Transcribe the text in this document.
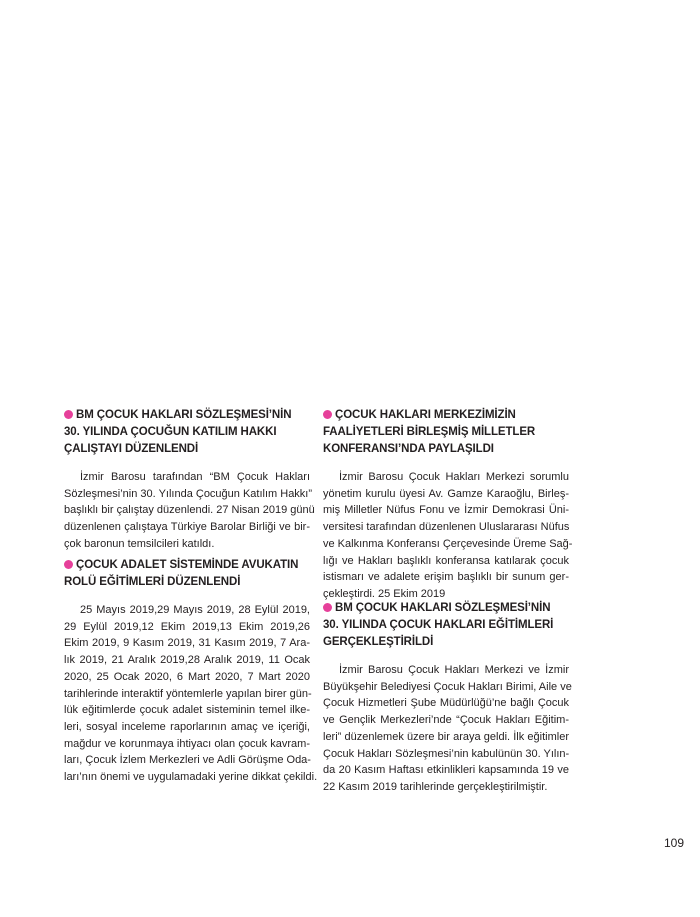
BM ÇOCUK HAKLARI SÖZLEŞMESİ’NİN
30. YILINDA ÇOCUĞUN KATILIM HAKKI
ÇALIŞTAYI DÜZENLENDİ
İzmir Barosu tarafından “BM Çocuk Hakları
Sözleşmesi’nin 30. Yılında Çocuğun Katılım Hakkı”
başlıklı bir çalıştay düzenlendi. 27 Nisan 2019 günü
düzenlenen çalıştaya Türkiye Barolar Birliği ve bir-
çok baronun temsilcileri katıldı.
ÇOCUK ADALET SİSTEMİNDE AVUKATIN
ROLÜ EĞİTİMLERİ DÜZENLENDİ
25 Mayıs 2019,29 Mayıs 2019, 28 Eylül 2019,
29 Eylül 2019,12 Ekim 2019,13 Ekim 2019,26
Ekim 2019, 9 Kasım 2019, 31 Kasım 2019, 7 Ara-
lık 2019, 21 Aralık 2019,28 Aralık 2019, 11 Ocak
2020, 25 Ocak 2020, 6 Mart 2020, 7 Mart 2020
tarihlerinde interaktif yöntemlerle yapılan birer gün-
lük eğitimlerde çocuk adalet sisteminin temel ilke-
leri, sosyal inceleme raporlarının amaç ve içeriği,
mağdur ve korunmaya ihtiyacı olan çocuk kavram-
ları, Çocuk İzlem Merkezleri ve Adli Görüşme Oda-
ları’nın önemi ve uygulamadaki yerine dikkat çekildi.
ÇOCUK HAKLARI MERKEZİMİZİN
FAALİYETLERİ BİRLEŞMİŞ MİLLETLER
KONFERANSI’NDA PAYLAŞILDI
İzmir Barosu Çocuk Hakları Merkezi sorumlu
yönetim kurulu üyesi Av. Gamze Karaoğlu, Birleş-
miş Milletler Nüfus Fonu ve İzmir Demokrasi Üni-
versitesi tarafından düzenlenen Uluslararası Nüfus
ve Kalkınma Konferansı Çerçevesinde Üreme Sağ-
lığı ve Hakları başlıklı konferansa katılarak çocuk
istismarı ve adalete erişim başlıklı bir sunum ger-
çekleştirdi. 25 Ekim 2019
BM ÇOCUK HAKLARI SÖZLEŞMESİ’NİN
30. YILINDA ÇOCUK HAKLARI EĞİTİMLERİ
GERÇEKLEŞTİRİLDİ
İzmir Barosu Çocuk Hakları Merkezi ve İzmir
Büyükşehir Belediyesi Çocuk Hakları Birimi, Aile ve
Çocuk Hizmetleri Şube Müdürlüğü’ne bağlı Çocuk
ve Gençlik Merkezleri’nde “Çocuk Hakları Eğitim-
leri” düzenlemek üzere bir araya geldi. İlk eğitimler
Çocuk Hakları Sözleşmesi’nin kabulünün 30. Yılın-
da 20 Kasım Haftası etkinlikleri kapsamında 19 ve
22 Kasım 2019 tarihlerinde gerçekleştirilmiştir.
109
